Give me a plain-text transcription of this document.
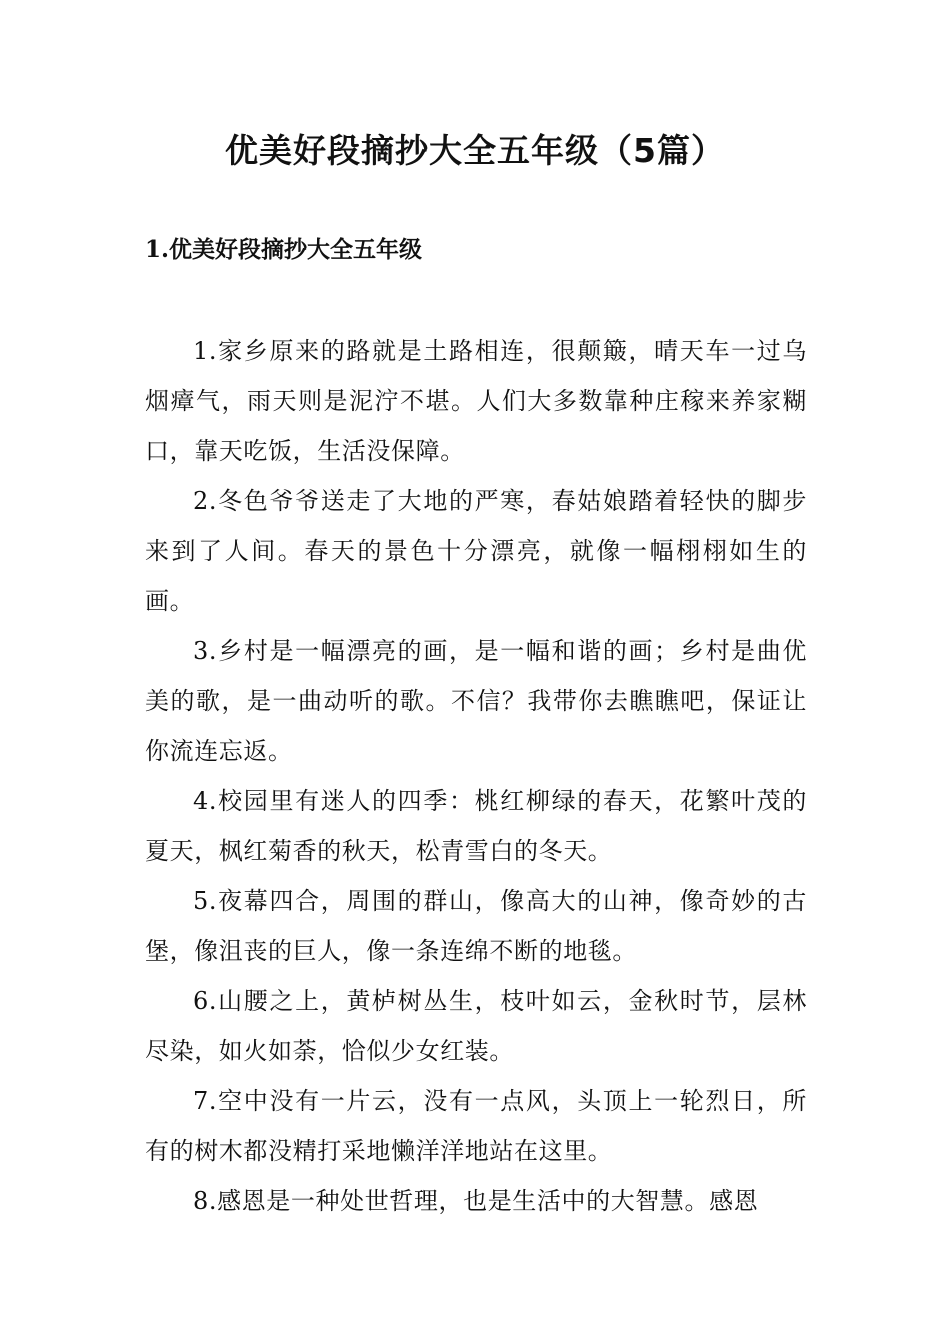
优美好段摘抄大全五年级（5篇）
1.优美好段摘抄大全五年级

1.家乡原来的路就是土路相连，很颠簸，晴天车一过乌烟瘴气，雨天则是泥泞不堪。人们大多数靠种庄稼来养家糊口，靠天吃饭，生活没保障。

2.冬色爷爷送走了大地的严寒，春姑娘踏着轻快的脚步来到了人间。春天的景色十分漂亮，就像一幅栩栩如生的画。

3.乡村是一幅漂亮的画，是一幅和谐的画；乡村是曲优美的歌，是一曲动听的歌。不信？我带你去瞧瞧吧，保证让你流连忘返。

4.校园里有迷人的四季：桃红柳绿的春天，花繁叶茂的夏天，枫红菊香的秋天，松青雪白的冬天。

5.夜幕四合，周围的群山，像高大的山神，像奇妙的古堡，像沮丧的巨人，像一条连绵不断的地毯。

6.山腰之上，黄栌树丛生，枝叶如云，金秋时节，层林尽染，如火如荼，恰似少女红装。

7.空中没有一片云，没有一点风，头顶上一轮烈日，所有的树木都没精打采地懒洋洋地站在这里。

8.感恩是一种处世哲理，也是生活中的大智慧。感恩
